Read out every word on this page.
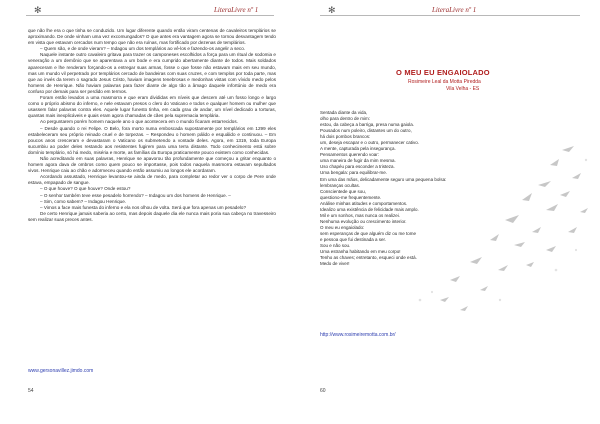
✻	LiteraLivre nº 1

que não lhe era o que tinha se conduzido. Um lugar diferente quando então viram centenas de cavaleiros templários se aproximando. De onde vinham uma vez excomungados? O que antes era vantagem agora se tornou desvantagem tendo em vista que estavam cercados num tempo que não era ruínas, mas fortificado por dezenas de templários.

– Quem são, e de onde vieram? – Indagou um dos templários ao vê-los e fazendo-os angelir a seco.

Naquele instante outro cavaleiro gritava para trazer os camponeses escolhidos a força para um ritual de sodomia e veneração a um demônio que se aparentava a um bode e era cumprido abertamente diante de todos. Mais soldados apareceram e lhe renderam forçando-os a entregar suas armas, fosse o que fosse não estavam mais em seu mundo, mas um mundo vil perpetrado por templários cercado de bandeiras com suas cruzes, e com templos por toda parte, mas que ao invés da terem o sagrado Jesus Cristo, haviam imagens tenebrosas e medonhas vistas com vívido medo pelos homens de Henrique. Não haviam palavras para fazer diante de algo tão a âmago daquele infortúnio de medo era confuso por demais para ser perdido em termos.

Foram então levados a uma masmorra e que eram divididas em níveis que descem até um fosso longo e largo como o próprio abismo do inferno, e nele estavam presos o clero do Vaticano e todos e qualquer homem ou mulher que usassem falar palavras contra eles. Aquele lugar funesto tinha, em cada grau de andar, um nível dedicado a torturas, quantas mais inexplicáveis e quais eram agora chamadas de cães pela supremacia templária.

Ao perguntarem porém homem naquele ano o que acontecera em o mundo ficaram estarrecidos.

– Desde quando o rei Felipe. O Belo, fora morto numa emboscada supostamente por templários em 1299 eles estabeleceram seu próprio reinado cruel e de torpezas. – Respondeu o homem pálido e esquálido e continuou. – Em poucos anos cresceram e devastaram o Vaticano os submetendo a vontade deles. Agora, em 1319, toda Europa sucumbiu ao poder deles restando aos resistentes fugirem para uma terra distante. Todo conhecimento está sobre domínio templário, só há medo, miséria e morte, as famílias da Europa praticamente pouco existem como conhecidas.

Não acreditando em suas palavras, Henrique se apavorou tão profundamente que começou a gritar enquanto o homem agora dava de ombros como quem pouco se importasse, pois todos naquela masmorra estavam sepultados vivos. Henrique caiu ao chão e adormeceu quando então assumiu ao longos ele acordaram.

Acordando assustado, Henrique levantou-se ainda de medo, para completar ao redor ver o corpo de Pere onde estava, empapado de sangue.

– O que houve? O que houve? Onde estou?

– O senhor também teve esse pesadelo horrendo? – Indagou um dos homens de Henrique. –

– Sim, como sabem? – Indagou Henrique.

– Vimos a face mais funesta do inferno e ela nos olhou de volta. Será que fora apenas um pesadelo?

De certo Henrique jamais saberia ao certo, mas depois daquele dia ele nunca mais poria sua cabeça no travesseiro sem realizar suas preces antes.

www.gersonavillez.jimdo.com
54
✻	LiteraLivre nº 1
O MEU EU ENGAIOLADO
Rosimeire Leal da Motta Piredda
Vila Velha - ES
Sentada diante da vida,
olho para dentro de mim:
estou, da cabeça a barriga, presa numa gaiola.
Pousados num poleiro, distantes um do outro,
há dois pombos brancos:
um, deseja escapar e o outro, permanecer cativo.
A mente, capturada pela insegurança.
Pensamentos querendo voar:
uma maneira de fugir da mim mesma.
Uso chapéu para esconder a tristeza.
Uma bengala: para equilibrar-me.
Em uma das mãos, delicadamente seguro uma pequena bolsa:
lembranças ocultas.
Conscientede que sou,
questiono-me frequentemente.
Análise minhas atitudes e comportamentos.
Idealizo uma existência de felicidade mais amplo.
Mil e um sonhos, mas nunca os realizei.
Nenhuma evolução ou crescimento interior.
O meu eu engaiolado:
sem esperanças de que alguém diz ou me tome
e pessoa que fui destinada a ser.
Sou e não sou.
Uma estranha habitando em meu corpo!
Tenho as chaves; entretanto, esqueci onde está.
Medo de viver!
http://www.rosimeiremotta.com.br/
60
